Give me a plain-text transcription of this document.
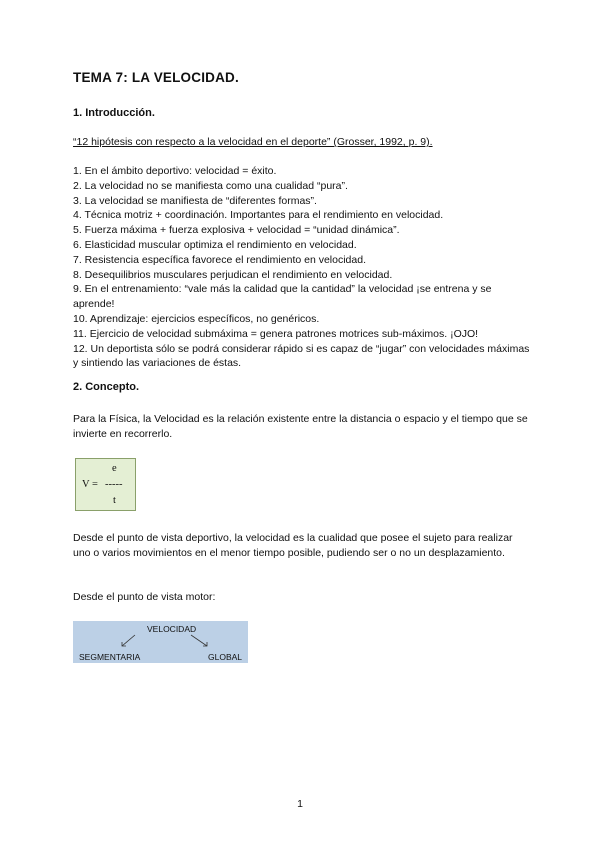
TEMA 7: LA VELOCIDAD.
1. Introducción.
“12 hipótesis con respecto a la velocidad en el deporte” (Grosser, 1992, p. 9).
1. En el ámbito deportivo: velocidad = éxito.
2. La velocidad no se manifiesta como una cualidad “pura”.
3. La velocidad se manifiesta de “diferentes formas”.
4. Técnica motriz + coordinación. Importantes para el rendimiento en velocidad.
5. Fuerza máxima + fuerza explosiva + velocidad = “unidad dinámica”.
6. Elasticidad muscular optimiza el rendimiento en velocidad.
7. Resistencia específica favorece el rendimiento en velocidad.
8. Desequilibrios musculares perjudican el rendimiento en velocidad.
9. En el entrenamiento: “vale más la calidad que la cantidad” la velocidad ¡se entrena y se aprende!
10. Aprendizaje: ejercicios específicos, no genéricos.
11. Ejercicio de velocidad submáxima = genera patrones motrices sub-máximos. ¡OJO!
12. Un deportista sólo se podrá considerar rápido si es capaz de “jugar” con velocidades máximas y sintiendo las variaciones de éstas.
2. Concepto.

Para la Física, la Velocidad es la relación existente entre la distancia o espacio y el tiempo que se invierte en recorrerlo.

V =
e
-----
t

Desde el punto de vista deportivo, la velocidad es la cualidad que posee el sujeto para realizar uno o varios movimientos en el menor tiempo posible, pudiendo ser o no un desplazamiento.

Desde el punto de vista motor:

VELOCIDAD
SEGMENTARIA	GLOBAL
1
